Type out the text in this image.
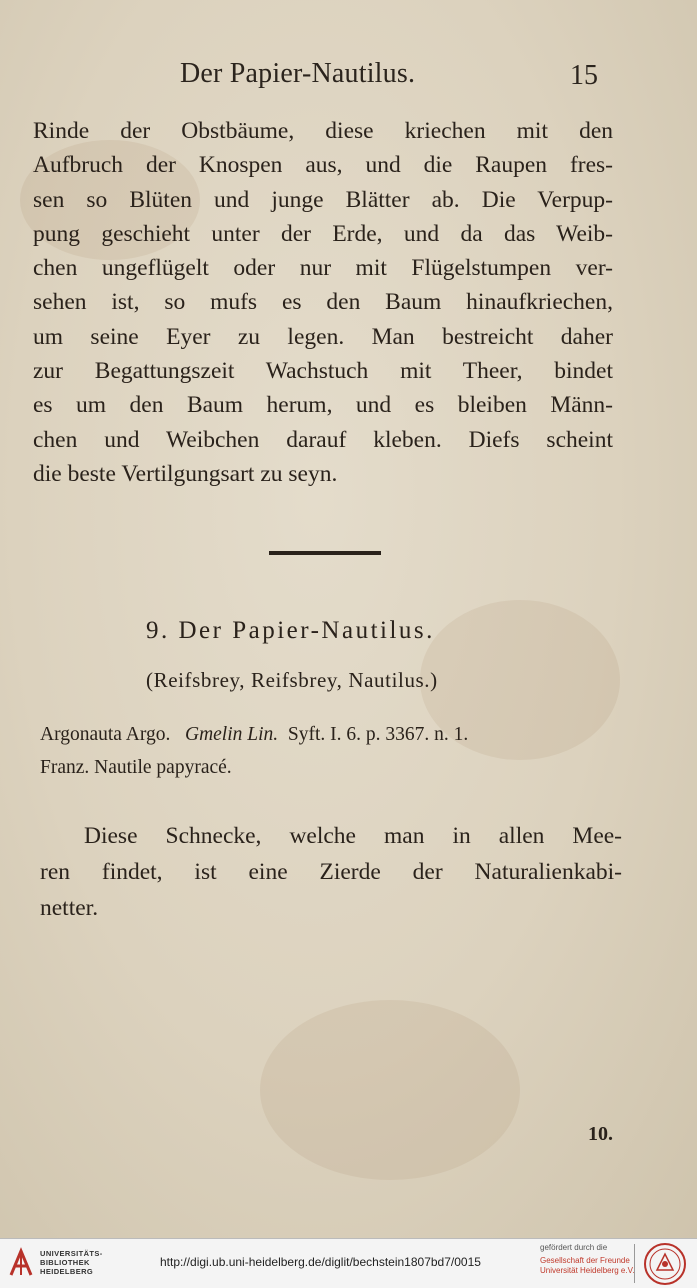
Der Papier-Nautilus.	15
Rinde der Obstbäume, diese kriechen mit den
Aufbruch der Knospen aus, und die Raupen fres-
sen so Blüten und junge Blätter ab. Die Verpup-
pung geschieht unter der Erde, und da das Weib-
chen ungeflügelt oder nur mit Flügelstumpen ver-
sehen ist, so mufs es den Baum hinaufkriechen,
um seine Eyer zu legen. Man bestreicht daher
zur Begattungszeit Wachstuch mit Theer, bindet
es um den Baum herum, und es bleiben Männ-
chen und Weibchen darauf kleben. Diefs scheint
die beste Vertilgungsart zu seyn.
9. Der Papier-Nautilus.
(Reifsbrey, Reifsbrey, Nautilus.)
Argonauta Argo. Gmelin Lin. Syft. I. 6. p. 3367. n. 1.
Franz. Nautile papyracé.
Diese Schnecke, welche man in allen Mee-
ren findet, ist eine Zierde der Naturalienkabi-
netter.
10.
UNIVERSITÄTS-
BIBLIOTHEK
HEIDELBERG
http://digi.ub.uni-heidelberg.de/diglit/bechstein1807bd7/0015
gefördert durch die
Gesellschaft der Freunde
Universität Heidelberg e.V.
